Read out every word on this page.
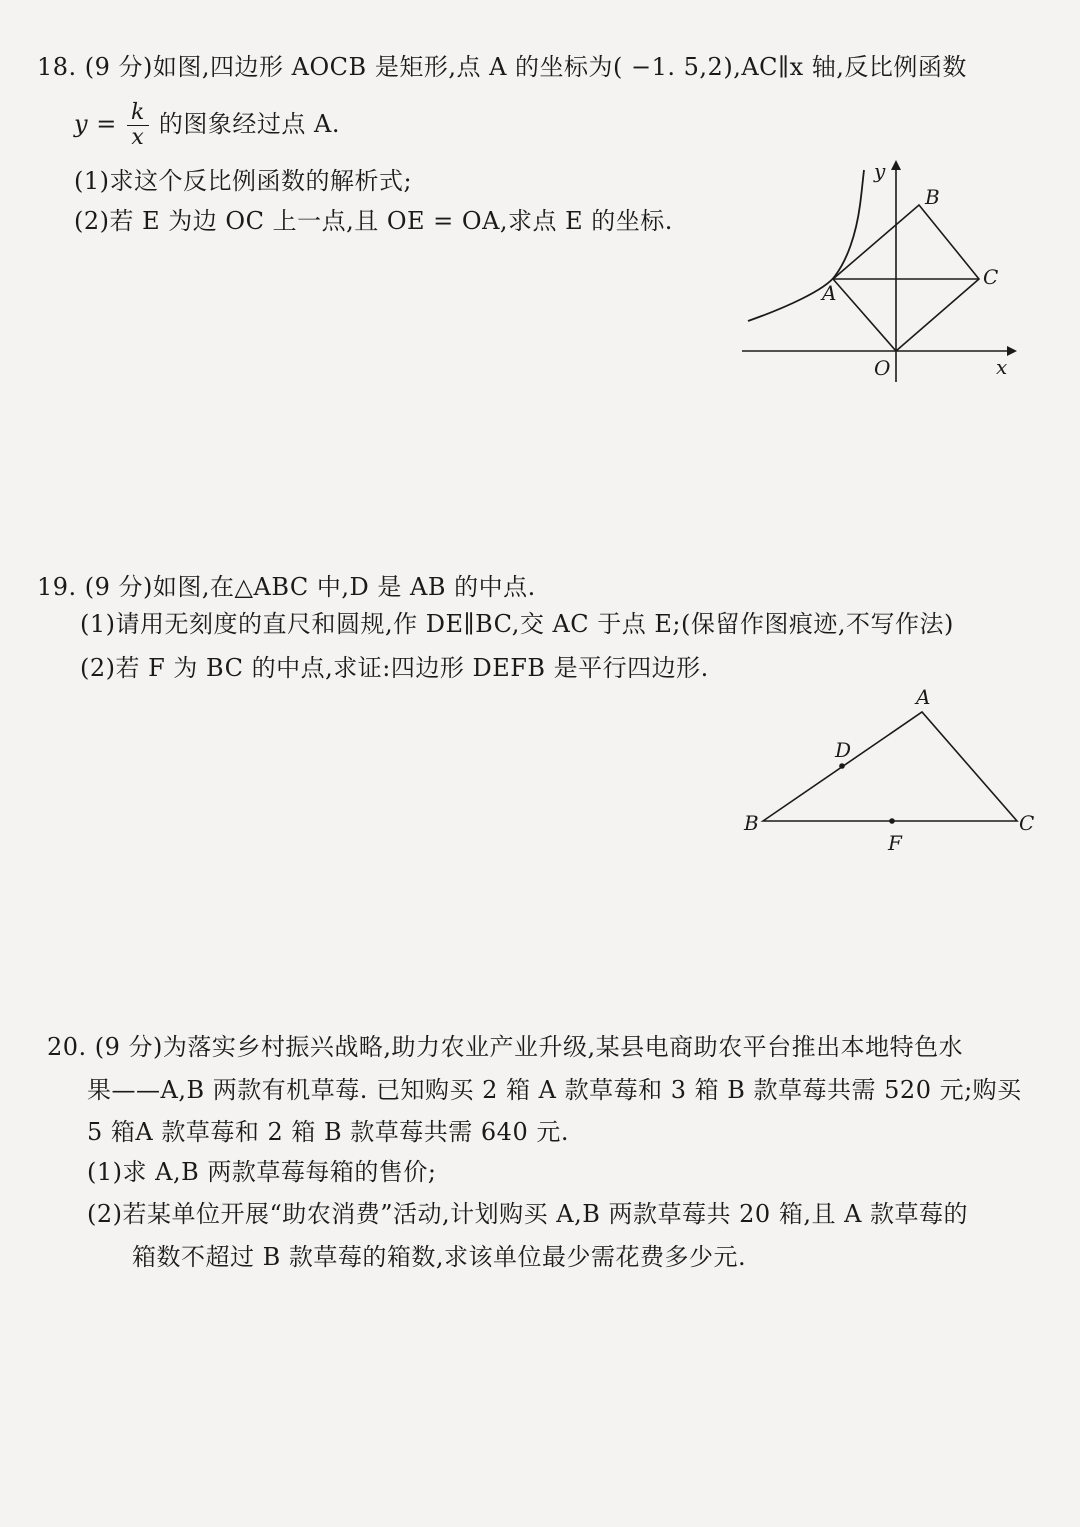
18. (9 分)如图,四边形 AOCB 是矩形,点 A 的坐标为( −1. 5,2),AC∥x 轴,反比例函数
$y = \frac{k}{x}$ 的图象经过点 A.
(1)求这个反比例函数的解析式;
(2)若 E 为边 OC 上一点,且 OE = OA,求点 E 的坐标.
y
x
O
A
B
C
19. (9 分)如图,在△ABC 中,D 是 AB 的中点.
(1)请用无刻度的直尺和圆规,作 DE∥BC,交 AC 于点 E;(保留作图痕迹,不写作法)
(2)若 F 为 BC 的中点,求证:四边形 DEFB 是平行四边形.
A
B	C
D
F
20. (9 分)为落实乡村振兴战略,助力农业产业升级,某县电商助农平台推出本地特色水
果——A,B 两款有机草莓. 已知购买 2 箱 A 款草莓和 3 箱 B 款草莓共需 520 元;购买
5 箱A 款草莓和 2 箱 B 款草莓共需 640 元.
(1)求 A,B 两款草莓每箱的售价;
(2)若某单位开展“助农消费”活动,计划购买 A,B 两款草莓共 20 箱,且 A 款草莓的
箱数不超过 B 款草莓的箱数,求该单位最少需花费多少元.
